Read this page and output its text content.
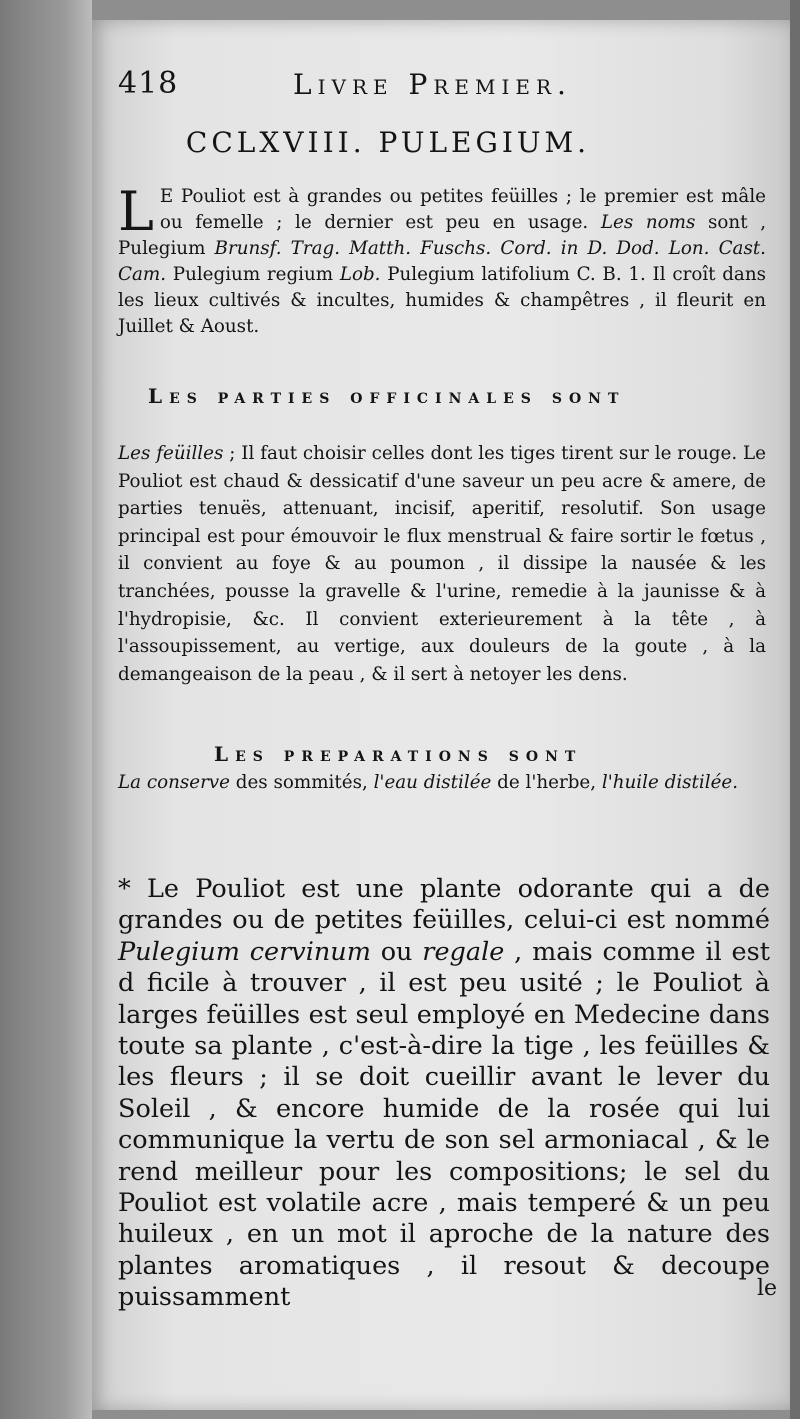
418	Livre Premier.
CCLXVIII. PULEGIUM.

L E Pouliot est à grandes ou petites feüilles ; le premier est mâle ou femelle ; le dernier est peu en usage. Les noms sont , Pulegium Brunsf. Trag. Matth. Fuschs. Cord. in D. Dod. Lon. Cast. Cam. Pulegium regium Lob. Pulegium latifolium C. B. 1. Il croît dans les lieux cultivés & incultes, humides & champêtres , il fleurit en Juillet & Aoust.

Les parties officinales sont

Les feüilles ; Il faut choisir celles dont les tiges tirent sur le rouge. Le Pouliot est chaud & dessicatif d'une saveur un peu acre & amere, de parties tenuës, attenuant, incisif, aperitif, resolutif. Son usage principal est pour émouvoir le flux menstrual & faire sortir le fœtus , il convient au foye & au poumon , il dissipe la nausée & les tranchées, pousse la gravelle & l'urine, remedie à la jaunisse & à l'hydropisie, &c. Il convient exterieurement à la tête , à l'assoupissement, au vertige, aux douleurs de la goute , à la demangeaison de la peau , & il sert à netoyer les dens.

Les preparations sont

La conserve des sommités, l'eau distilée de l'herbe, l'huile distilée.

* Le Pouliot est une plante odorante qui a de grandes ou de petites feüilles, celui-ci est nommé Pulegium cervinum ou regale , mais comme il est d ficile à trouver , il est peu usité ; le Pouliot à larges feüilles est seul employé en Medecine dans toute sa plante , c'est-à-dire la tige , les feüilles & les fleurs ; il se doit cueillir avant le lever du Soleil , & encore humide de la rosée qui lui communique la vertu de son sel armoniacal , & le rend meilleur pour les compositions; le sel du Pouliot est volatile acre , mais temperé & un peu huileux , en un mot il aproche de la nature des plantes aromatiques , il resout & decoupe puissamment	le
